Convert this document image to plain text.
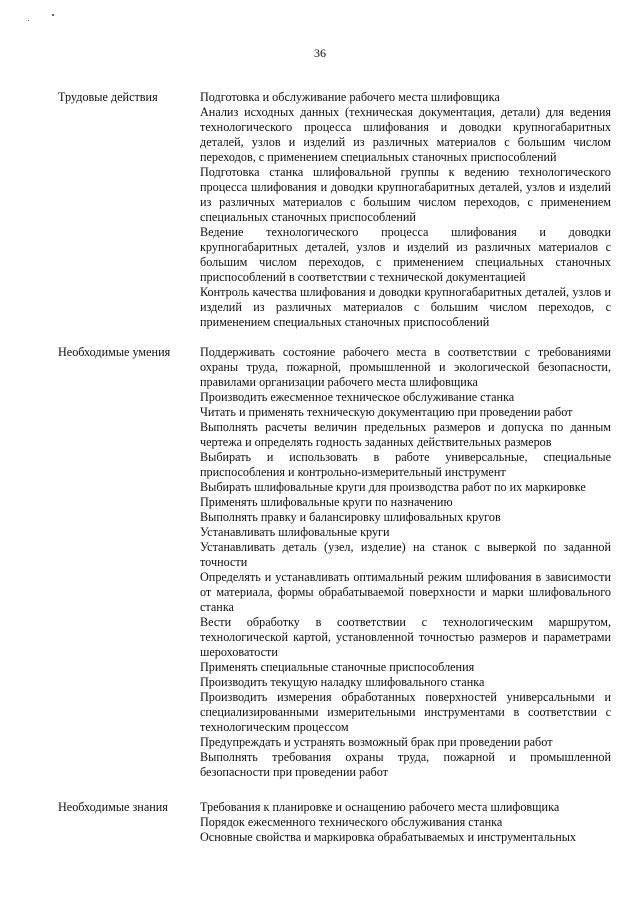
36
Трудовые действия	Подготовка и обслуживание рабочего места шлифовщика

Анализ исходных данных (техническая документация, детали) для ведения технологического процесса шлифования и доводки крупногабаритных деталей, узлов и изделий из различных материалов с большим числом переходов, с применением специальных станочных приспособлений

Подготовка станка шлифовальной группы к ведению технологического процесса шлифования и доводки крупногабаритных деталей, узлов и изделий из различных материалов с большим числом переходов, с применением специальных станочных приспособлений

Ведение технологического процесса шлифования и доводки крупногабаритных деталей, узлов и изделий из различных материалов с большим числом переходов, с применением специальных станочных приспособлений в соответствии с технической документацией

Контроль качества шлифования и доводки крупногабаритных деталей, узлов и изделий из различных материалов с большим числом переходов, с применением специальных станочных приспособлений

Необходимые умения	Поддерживать состояние рабочего места в соответствии с требованиями охраны труда, пожарной, промышленной и экологической безопасности, правилами организации рабочего места шлифовщика

Производить ежесменное техническое обслуживание станка

Читать и применять техническую документацию при проведении работ

Выполнять расчеты величин предельных размеров и допуска по данным чертежа и определять годность заданных действительных размеров

Выбирать и использовать в работе универсальные, специальные приспособления и контрольно-измерительный инструмент

Выбирать шлифовальные круги для производства работ по их маркировке

Применять шлифовальные круги по назначению

Выполнять правку и балансировку шлифовальных кругов

Устанавливать шлифовальные круги

Устанавливать деталь (узел, изделие) на станок с выверкой по заданной точности

Определять и устанавливать оптимальный режим шлифования в зависимости от материала, формы обрабатываемой поверхности и марки шлифовального станка

Вести обработку в соответствии с технологическим маршрутом, технологической картой, установленной точностью размеров и параметрами шероховатости

Применять специальные станочные приспособления

Производить текущую наладку шлифовального станка

Производить измерения обработанных поверхностей универсальными и специализированными измерительными инструментами в соответствии с технологическим процессом

Предупреждать и устранять возможный брак при проведении работ

Выполнять требования охраны труда, пожарной и промышленной безопасности при проведении работ

Необходимые знания	Требования к планировке и оснащению рабочего места шлифовщика

Порядок ежесменного технического обслуживания станка

Основные свойства и маркировка обрабатываемых и инструментальных
